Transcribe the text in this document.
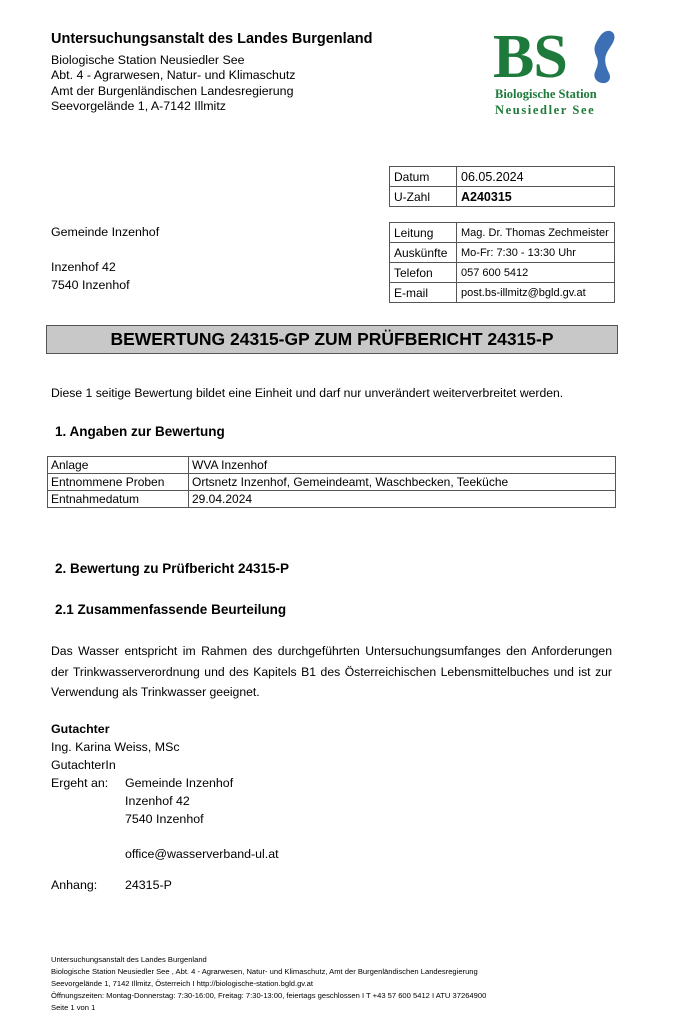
Untersuchungsanstalt des Landes Burgenland
Biologische Station Neusiedler See
Abt. 4 - Agrarwesen, Natur- und Klimaschutz
Amt der Burgenländischen Landesregierung
Seevorgelände 1, A-7142 Illmitz
BS
Biologische Station
Neusiedler See
Datum	06.05.2024
U-Zahl	A240315
Leitung	Mag. Dr. Thomas Zechmeister
Auskünfte	Mo-Fr: 7:30 - 13:30 Uhr
Telefon	057 600 5412
E-mail	post.bs-illmitz@bgld.gv.at
Gemeinde Inzenhof
Inzenhof 42
7540 Inzenhof
BEWERTUNG 24315-GP ZUM PRÜFBERICHT 24315-P
Diese 1 seitige Bewertung bildet eine Einheit und darf nur unverändert weiterverbreitet werden.
1. Angaben zur Bewertung
Anlage	WVA Inzenhof
Entnommene Proben	Ortsnetz Inzenhof, Gemeindeamt, Waschbecken, Teeküche
Entnahmedatum	29.04.2024
2. Bewertung zu Prüfbericht 24315-P
2.1 Zusammenfassende Beurteilung
Das Wasser entspricht im Rahmen des durchgeführten Untersuchungsumfanges den Anforderungen der Trinkwasserverordnung und des Kapitels B1 des Österreichischen Lebensmittelbuches und ist zur Verwendung als Trinkwasser geeignet.
Gutachter
Ing. Karina Weiss, MSc
GutachterIn
Ergeht an: Gemeinde Inzenhof
Inzenhof 42
7540 Inzenhof
office@wasserverband-ul.at
Anhang: 24315-P
Untersuchungsanstalt des Landes Burgenland
Biologische Station Neusiedler See , Abt. 4 - Agrarwesen, Natur- und Klimaschutz, Amt der Burgenländischen Landesregierung
Seevorgelände 1, 7142 Illmitz, Österreich I http://biologische-station.bgld.gv.at
Öffnungszeiten: Montag-Donnerstag: 7:30-16:00, Freitag: 7:30-13:00, feiertags geschlossen I T +43 57 600 5412 I ATU 37264900
Seite 1 von 1
